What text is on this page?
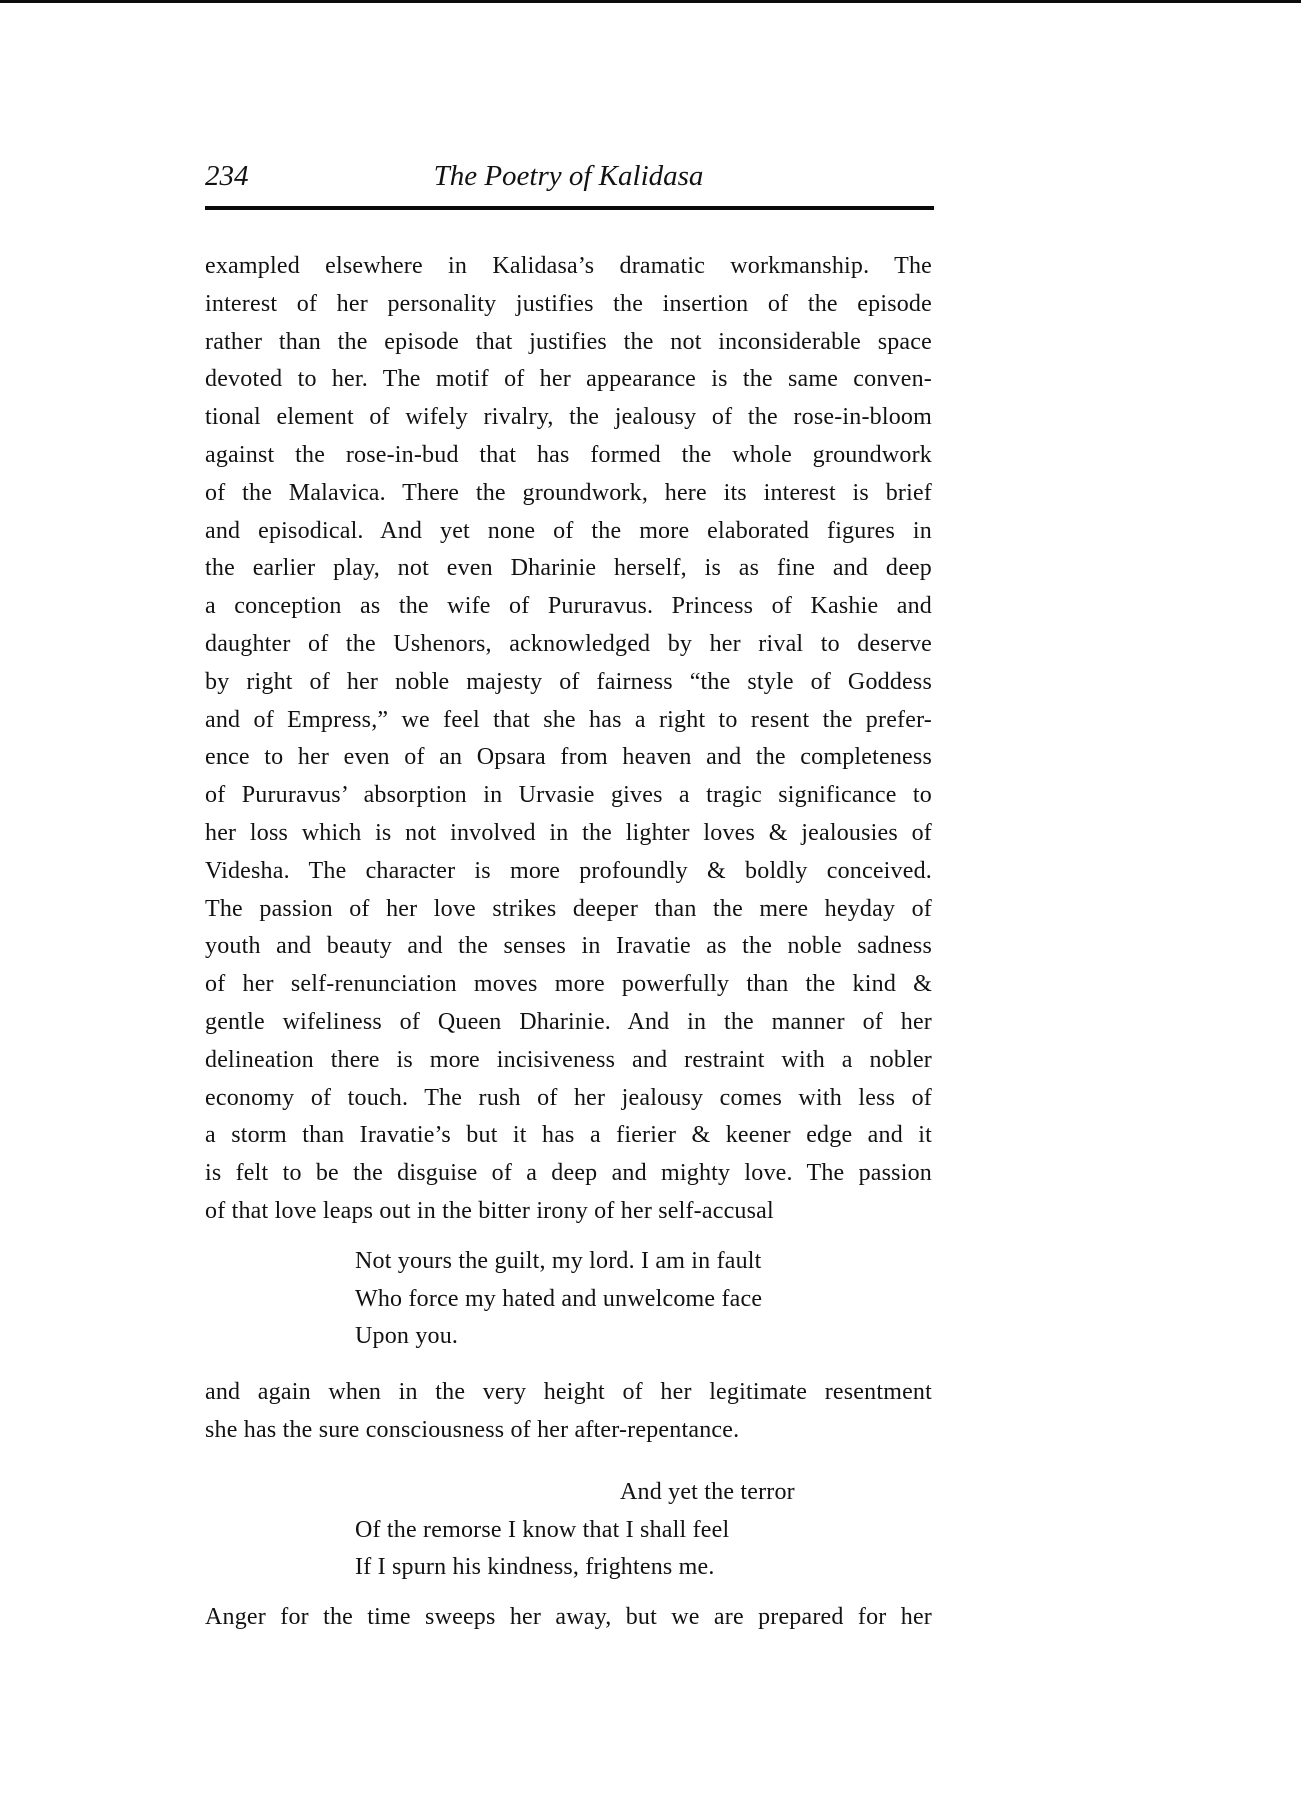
234	The Poetry of Kalidasa
exampled elsewhere in Kalidasa’s dramatic workmanship. The
interest of her personality justifies the insertion of the episode
rather than the episode that justifies the not inconsiderable space
devoted to her. The motif of her appearance is the same conven-
tional element of wifely rivalry, the jealousy of the rose-in-bloom
against the rose-in-bud that has formed the whole groundwork
of the Malavica. There the groundwork, here its interest is brief
and episodical. And yet none of the more elaborated figures in
the earlier play, not even Dharinie herself, is as fine and deep
a conception as the wife of Pururavus. Princess of Kashie and
daughter of the Ushenors, acknowledged by her rival to deserve
by right of her noble majesty of fairness “the style of Goddess
and of Empress,” we feel that she has a right to resent the prefer-
ence to her even of an Opsara from heaven and the completeness
of Pururavus’ absorption in Urvasie gives a tragic significance to
her loss which is not involved in the lighter loves & jealousies of
Videsha. The character is more profoundly & boldly conceived.
The passion of her love strikes deeper than the mere heyday of
youth and beauty and the senses in Iravatie as the noble sadness
of her self-renunciation moves more powerfully than the kind &
gentle wifeliness of Queen Dharinie. And in the manner of her
delineation there is more incisiveness and restraint with a nobler
economy of touch. The rush of her jealousy comes with less of
a storm than Iravatie’s but it has a fierier & keener edge and it
is felt to be the disguise of a deep and mighty love. The passion
of that love leaps out in the bitter irony of her self-accusal
Not yours the guilt, my lord. I am in fault
Who force my hated and unwelcome face
Upon you.
and again when in the very height of her legitimate resentment
she has the sure consciousness of her after-repentance.
And yet the terror
Of the remorse I know that I shall feel
If I spurn his kindness, frightens me.
Anger for the time sweeps her away, but we are prepared for her
